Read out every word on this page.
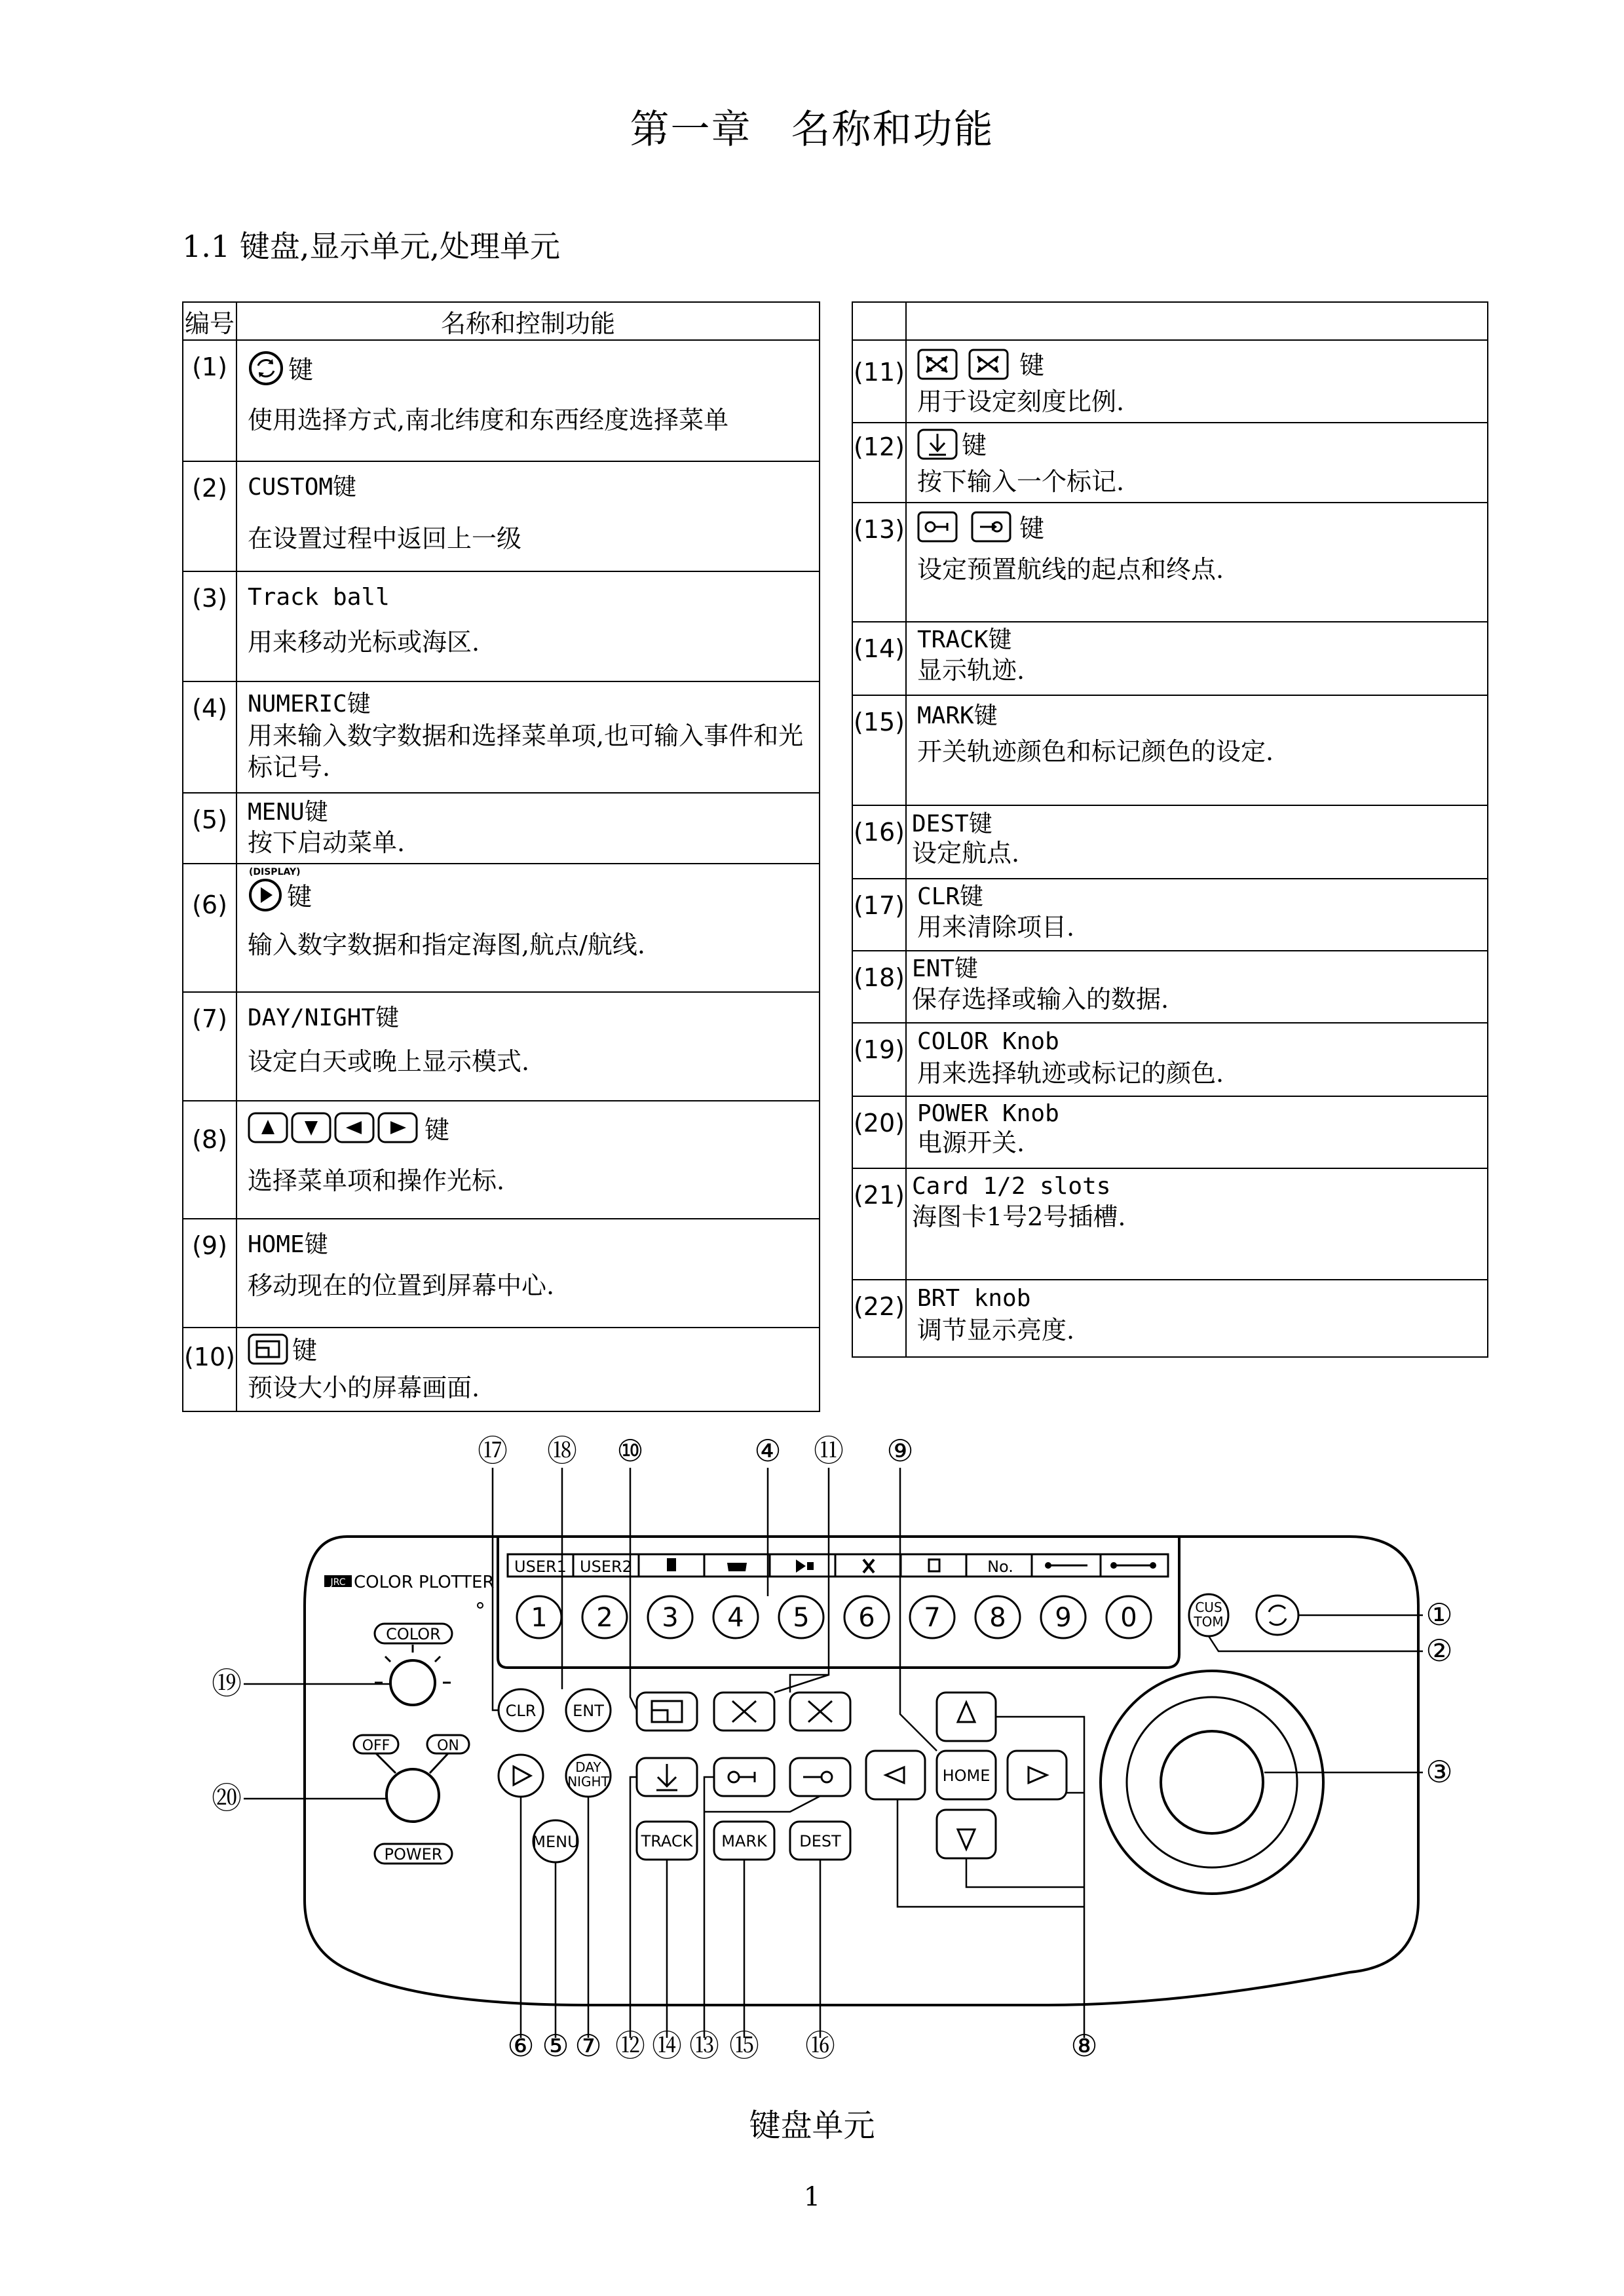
第一章 名称和功能
1.1 键盘,显示单元,处理单元
编号	名称和控制功能
(1)	键
使用选择方式,南北纬度和东西经度选择菜单

(2)	CUSTOM键
在设置过程中返回上一级

(3)	Track ball
用来移动光标或海区.

(4)	NUMERIC键
用来输入数字数据和选择菜单项,也可输入事件和光标记号.

(5)	MENU键
按下启动菜单.

(6)	(DISPLAY)
键
输入数字数据和指定海图,航点/航线.

(7)	DAY/NIGHT键
设定白天或晚上显示模式.

(8)	键
选择菜单项和操作光标.

(9)	HOME键
移动现在的位置到屏幕中心.

(10)	键
预设大小的屏幕画面.

(11)	键
用于设定刻度比例.

(12)	键
按下输入一个标记.

(13)	键
设定预置航线的起点和终点.

(14)	TRACK键
显示轨迹.

(15)	MARK键
开关轨迹颜色和标记颜色的设定.

(16)	DEST键
设定航点.

(17)	CLR键
用来清除项目.

(18)	ENT键
保存选择或输入的数据.

(19)	COLOR Knob
用来选择轨迹或标记的颜色.

(20)	POWER Knob
电源开关.

(21)	Card 1/2 slots
海图卡1号2号插槽.

(22)	BRT knob
调节显示亮度.
USER1 USER2	No.
JRC COLOR PLOTTER
1 2 3 4 5 6 7 8 9 0	CUS
TOM
COLOR
OFF	ON
POWER
CLR ENT
DAY
NIGHT
MENU	TRACK MARK DEST
HOME
⑰ ⑱ ⑩	④ ⑪ ⑨
①
②
③
⑲
⑳
⑥ ⑤ ⑦ ⑫ ⑭ ⑬ ⑮ ⑯	⑧
键盘单元
1
